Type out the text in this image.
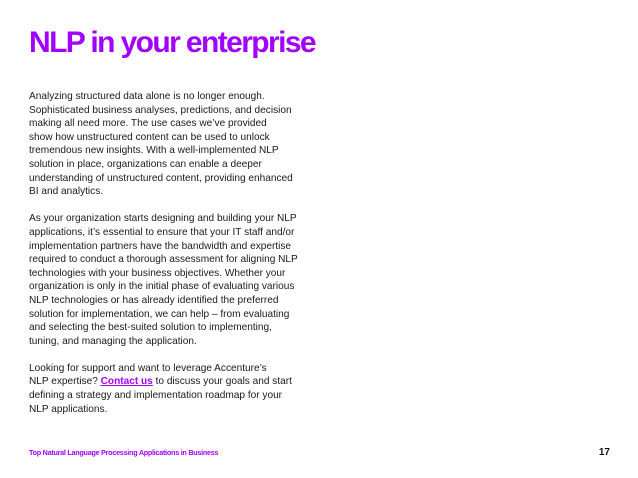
NLP in your enterprise

Analyzing structured data alone is no longer enough.
Sophisticated business analyses, predictions, and decision
making all need more. The use cases we’ve provided
show how unstructured content can be used to unlock
tremendous new insights. With a well-implemented NLP
solution in place, organizations can enable a deeper
understanding of unstructured content, providing enhanced
BI and analytics.

As your organization starts designing and building your NLP
applications, it’s essential to ensure that your IT staff and/or
implementation partners have the bandwidth and expertise
required to conduct a thorough assessment for aligning NLP
technologies with your business objectives. Whether your
organization is only in the initial phase of evaluating various
NLP technologies or has already identified the preferred
solution for implementation, we can help – from evaluating
and selecting the best-suited solution to implementing,
tuning, and managing the application.

Looking for support and want to leverage Accenture’s
NLP expertise? Contact us to discuss your goals and start
defining a strategy and implementation roadmap for your
NLP applications.

Top Natural Language Processing Applications in Business	17
